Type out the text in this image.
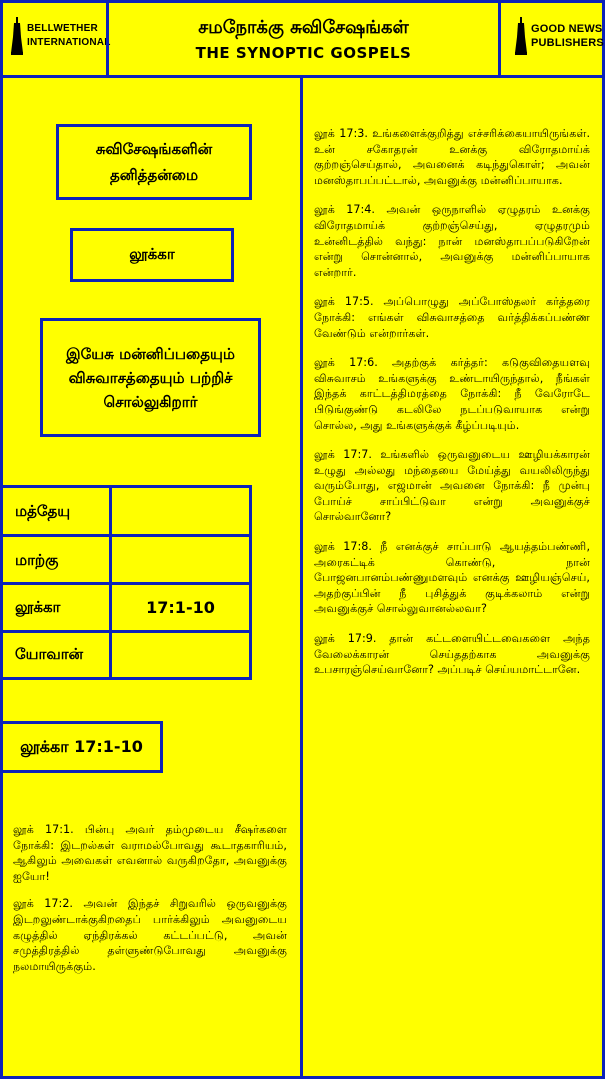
BELLWETHER
INTERNATIONAL
சமநோக்கு சுவிசேஷங்கள்
THE SYNOPTIC GOSPELS
GOOD NEWS
PUBLISHERS
சுவிசேஷங்களின் தனித்தன்மை
லூக்கா
இயேசு மன்னிப்பதையும் விசுவாசத்தையும் பற்றிச் சொல்லுகிறார்
மத்தேயு
மாற்கு
லூக்கா	17:1-10
யோவான்
லூக்கா 17:1-10

லூக் 17:1. பின்பு அவர் தம்முடைய சீஷர்களை நோக்கி: இடறல்கள் வராமல்போவது கூடாதகாரியம், ஆகிலும் அவைகள் எவனால் வருகிறதோ, அவனுக்கு ஐயோ!

லூக் 17:2. அவன் இந்தச் சிறுவரில் ஒருவனுக்கு இடறலுண்டாக்குகிறதைப் பார்க்கிலும் அவனுடைய கழுத்தில் ஏந்திரக்கல் கட்டப்பட்டு, அவன் சமுத்திரத்தில் தள்ளுண்டுபோவது அவனுக்கு நலமாயிருக்கும்.

லூக் 17:3. உங்களைக்குறித்து எச்சரிக்கையாயிருங்கள். உன் சகோதரன் உனக்கு விரோதமாய்க் குற்றஞ்செய்தால், அவனைக் கடிந்துகொள்; அவன் மனஸ்தாபப்பட்டால், அவனுக்கு மன்னிப்பாயாக.

லூக் 17:4. அவன் ஒருநாளில் ஏழுதரம் உனக்கு விரோதமாய்க் குற்றஞ்செய்து, ஏழுதரமும் உன்னிடத்தில் வந்து: நான் மனஸ்தாபப்படுகிறேன் என்று சொன்னால், அவனுக்கு மன்னிப்பாயாக என்றார்.

லூக் 17:5. அப்பொழுது அப்போஸ்தலர் கர்த்தரை நோக்கி: எங்கள் விசுவாசத்தை வர்த்திக்கப்பண்ண வேண்டும் என்றார்கள்.

லூக் 17:6. அதற்குக் கர்த்தர்: கடுகுவிதையளவு விசுவாசம் உங்களுக்கு உண்டாயிருந்தால், நீங்கள் இந்தக் காட்டத்திமரத்தை நோக்கி: நீ வேரோடே பிடுங்குண்டு கடலிலே நடப்படுவாயாக என்று சொல்ல, அது உங்களுக்குக் கீழ்ப்படியும்.

லூக் 17:7. உங்களில் ஒருவனுடைய ஊழியக்காரன் உழுது அல்லது மந்தையை மேய்த்து வயலிலிருந்து வரும்போது, எஜமான் அவனை நோக்கி: நீ முன்பு போய்ச் சாப்பிட்டுவா என்று அவனுக்குச் சொல்வானோ?

லூக் 17:8. நீ எனக்குச் சாப்பாடு ஆயத்தம்பண்ணி, அரைகட்டிக் கொண்டு, நான் போஜனபானம்பண்ணுமளவும் எனக்கு ஊழியஞ்செய், அதற்குப்பின் நீ புசித்துக் குடிக்கலாம் என்று அவனுக்குச் சொல்லுவானல்லவா?

லூக் 17:9. தான் கட்டளையிட்டவைகளை அந்த வேலைக்காரன் செய்ததற்காக அவனுக்கு உபசாரஞ்செய்வானோ? அப்படிச் செய்யமாட்டானே.
